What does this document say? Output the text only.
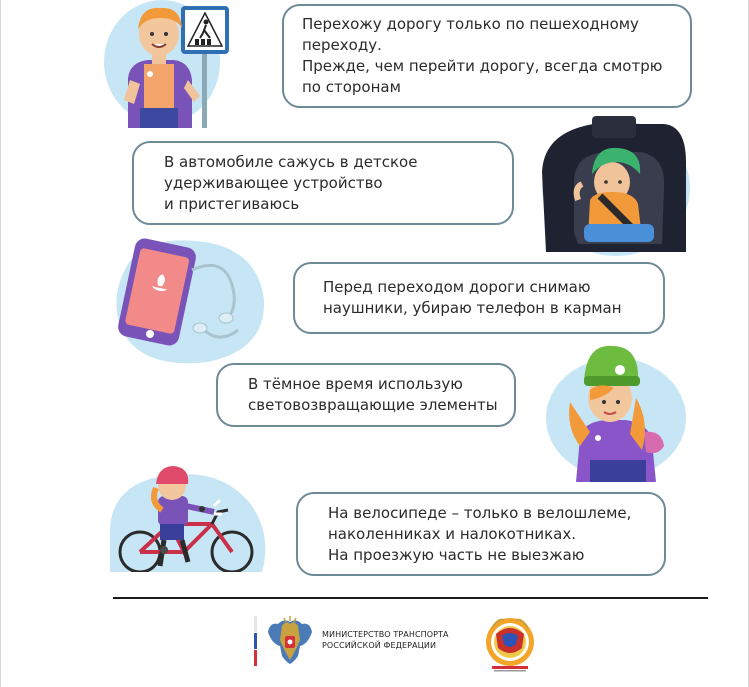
Перехожу дорогу только по пешеходному
переходу.
Прежде, чем перейти дорогу, всегда смотрю
по сторонам
В автомобиле сажусь в детское
удерживающее устройство
и пристегиваюсь
Перед переходом дороги снимаю
наушники, убираю телефон в карман
В тёмное время использую
световозвращающие элементы
На велосипеде – только в велошлеме,
наколенниках и налокотниках.
На проезжую часть не выезжаю
МИНИСТЕРСТВО ТРАНСПОРТА
РОССИЙСКОЙ ФЕДЕРАЦИИ
